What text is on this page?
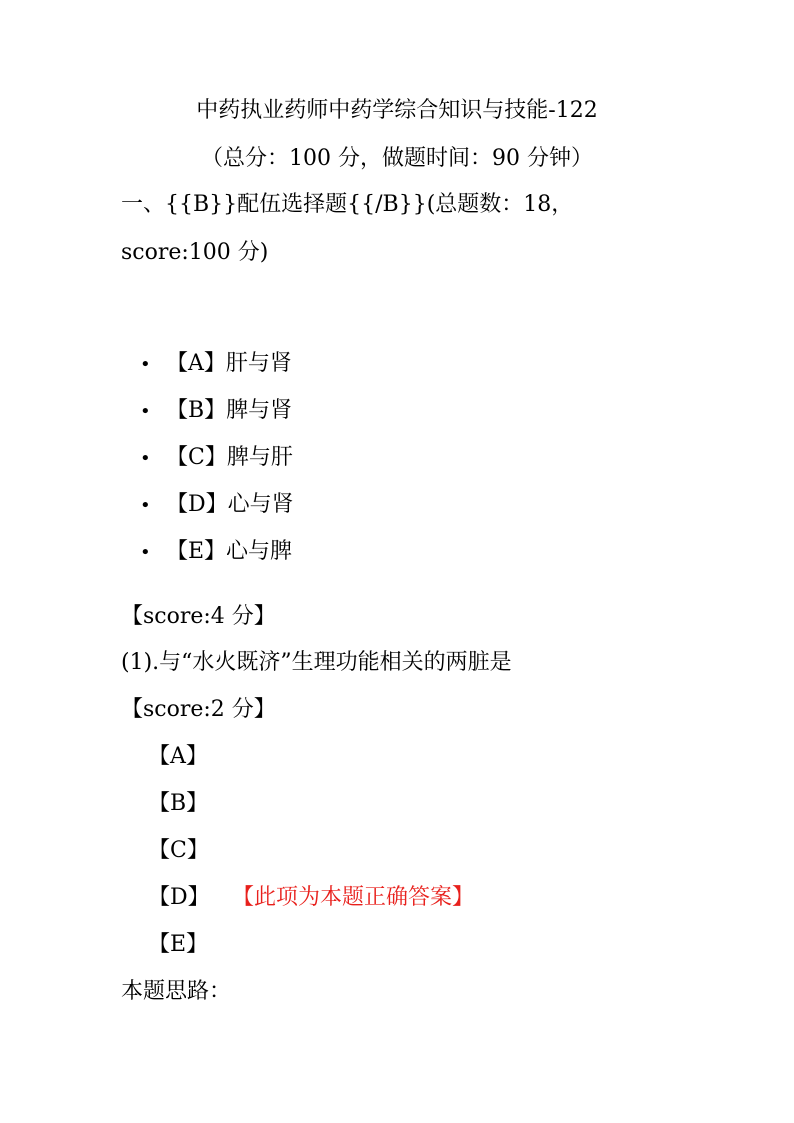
中药执业药师中药学综合知识与技能-122
（总分：100 分，做题时间：90 分钟）
一、{{B}}配伍选择题{{/B}}(总题数：18，
score:100 分)
• 【A】肝与肾
• 【B】脾与肾
• 【C】脾与肝
• 【D】心与肾
• 【E】心与脾
【score:4 分】
(1).与“水火既济”生理功能相关的两脏是
【score:2 分】
【A】
【B】
【C】
【D】	【此项为本题正确答案】
【E】
本题思路：
